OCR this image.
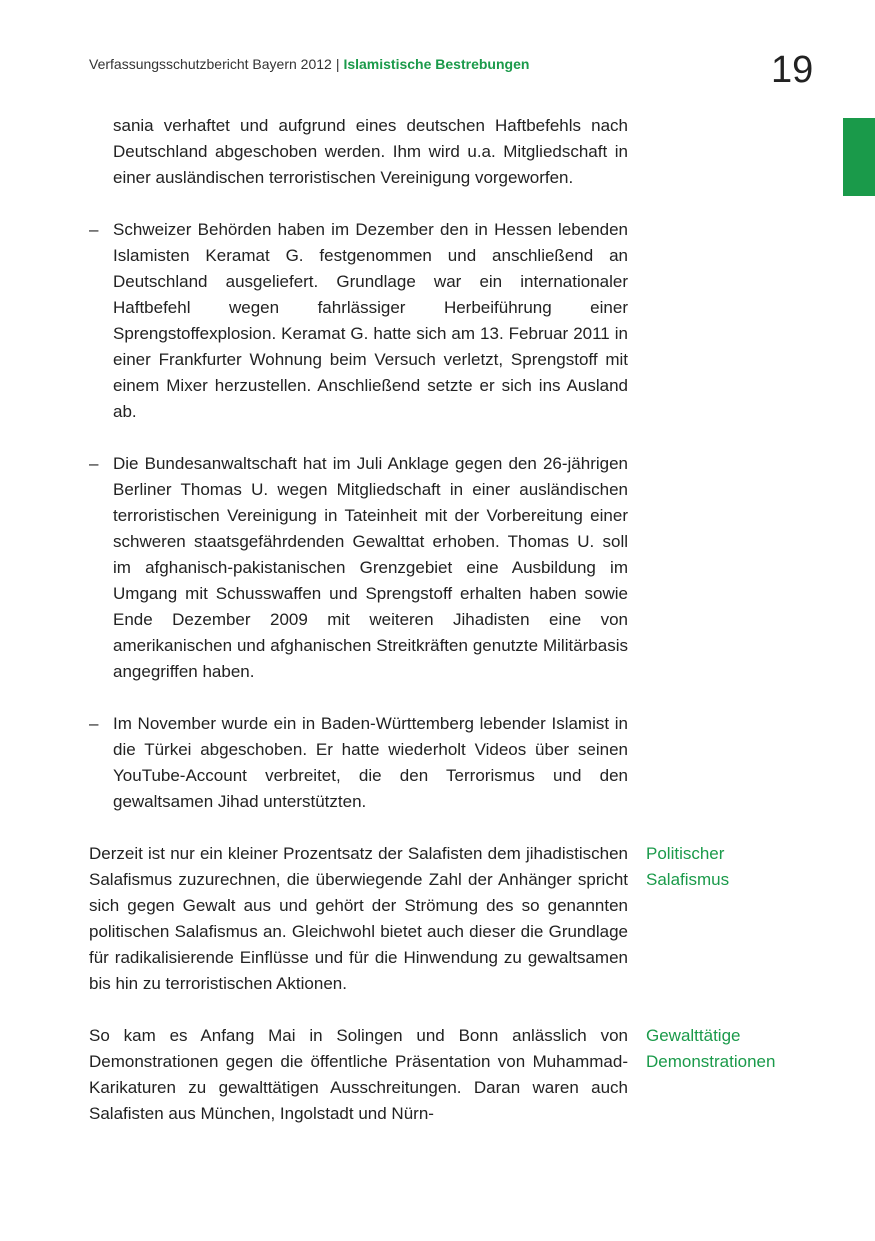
Verfassungsschutzbericht Bayern 2012 | Islamistische Bestrebungen	19

sania verhaftet und aufgrund eines deutschen Haftbefehls nach Deutschland abgeschoben werden. Ihm wird u.a. Mitgliedschaft in einer ausländischen terroristischen Vereinigung vorgeworfen.

– Schweizer Behörden haben im Dezember den in Hessen lebenden Islamisten Keramat G. festgenommen und anschließend an Deutschland ausgeliefert. Grundlage war ein internationaler Haftbefehl wegen fahrlässiger Herbeiführung einer Sprengstoffexplosion. Keramat G. hatte sich am 13. Februar 2011 in einer Frankfurter Wohnung beim Versuch verletzt, Sprengstoff mit einem Mixer herzustellen. Anschließend setzte er sich ins Ausland ab.

– Die Bundesanwaltschaft hat im Juli Anklage gegen den 26-jährigen Berliner Thomas U. wegen Mitgliedschaft in einer ausländischen terroristischen Vereinigung in Tateinheit mit der Vorbereitung einer schweren staatsgefährdenden Gewalttat erhoben. Thomas U. soll im afghanisch-pakistanischen Grenzgebiet eine Ausbildung im Umgang mit Schusswaffen und Sprengstoff erhalten haben sowie Ende Dezember 2009 mit weiteren Jihadisten eine von amerikanischen und afghanischen Streitkräften genutzte Militärbasis angegriffen haben.

– Im November wurde ein in Baden-Württemberg lebender Islamist in die Türkei abgeschoben. Er hatte wiederholt Videos über seinen YouTube-Account verbreitet, die den Terrorismus und den gewaltsamen Jihad unterstützten.

Derzeit ist nur ein kleiner Prozentsatz der Salafisten dem jihadistischen Salafismus zuzurechnen, die überwiegende Zahl der Anhänger spricht sich gegen Gewalt aus und gehört der Strömung des so genannten politischen Salafismus an. Gleichwohl bietet auch dieser die Grundlage für radikalisierende Einflüsse und für die Hinwendung zu gewaltsamen bis hin zu terroristischen Aktionen.

Politischer
Salafismus

So kam es Anfang Mai in Solingen und Bonn anlässlich von Demonstrationen gegen die öffentliche Präsentation von Muhammad-Karikaturen zu gewalttätigen Ausschreitungen. Daran waren auch Salafisten aus München, Ingolstadt und Nürn-

Gewalttätige
Demonstrationen
